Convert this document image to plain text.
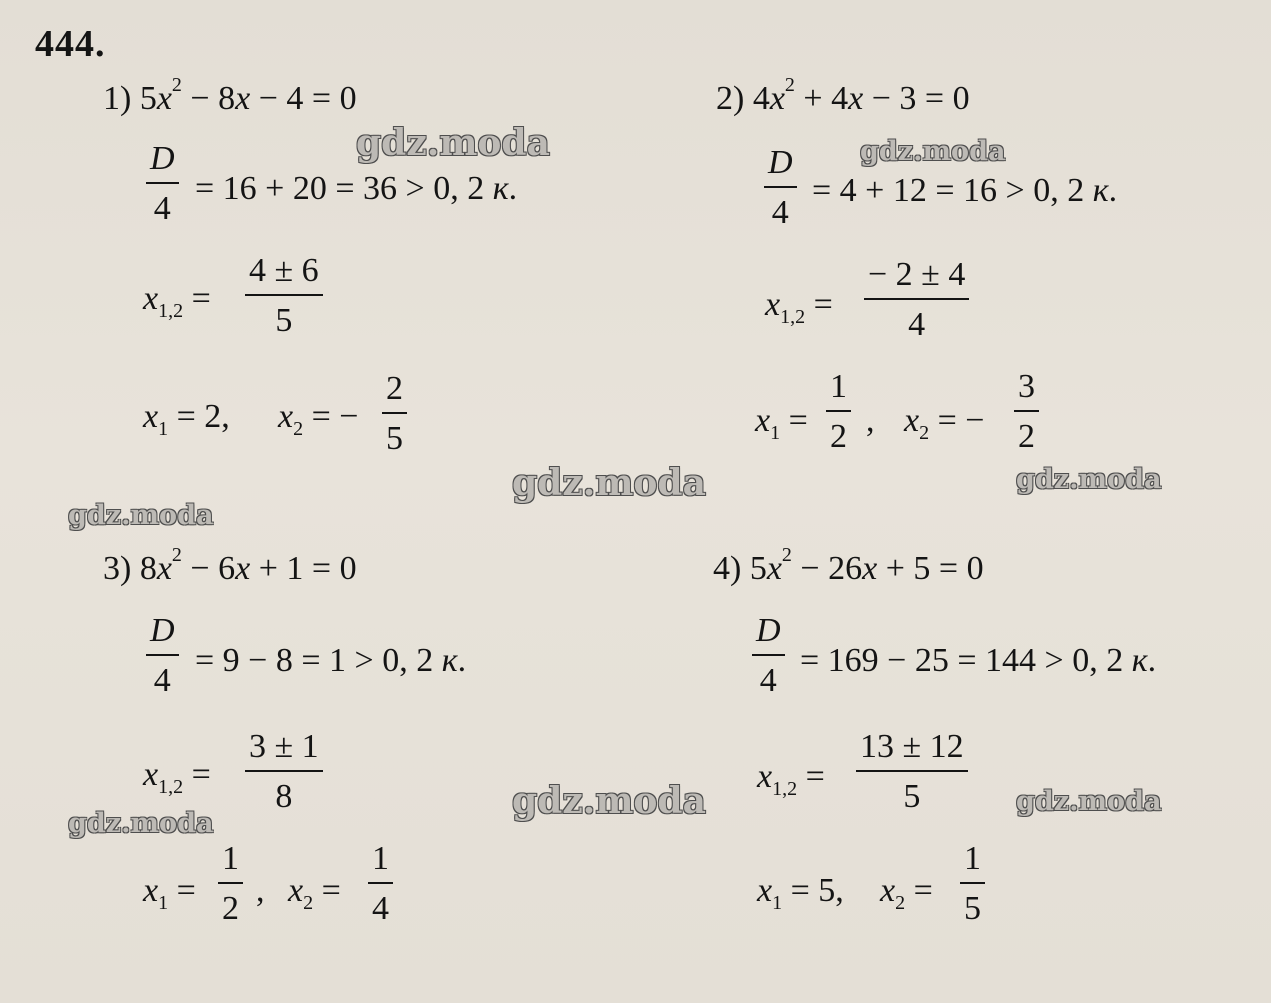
444.
1) $5x^2 - 8x - 4 = 0$
D
4
= 16 + 20 = 36 > 0, 2 к.
$x_{1,2}$ =
4 ± 6
5
$x_1 = 2$, $x_2$ = −
2
5
2) $4x^2 + 4x - 3 = 0$
D
4
= 4 + 12 = 16 > 0, 2 к.
$x_{1,2}$ =
− 2 ± 4
4
$x_1$ =
1
2 , $x_2$ = −
3
2
3) $8x^2 - 6x + 1 = 0$
D
4
= 9 − 8 = 1 > 0, 2 к.
$x_{1,2}$ =
3 ± 1
8
$x_1$ =
1
2 , $x_2$ =
1
4
4) $5x^2 - 26x + 5 = 0$
D
4
= 169 − 25 = 144 > 0, 2 к.
$x_{1,2}$ =
13 ± 12
5
$x_1 = 5$, $x_2$ =
1
5
gdz.moda	gdz.moda
gdz.moda	gdz.moda
gdz.moda
gdz.moda	gdz.moda
gdz.moda
